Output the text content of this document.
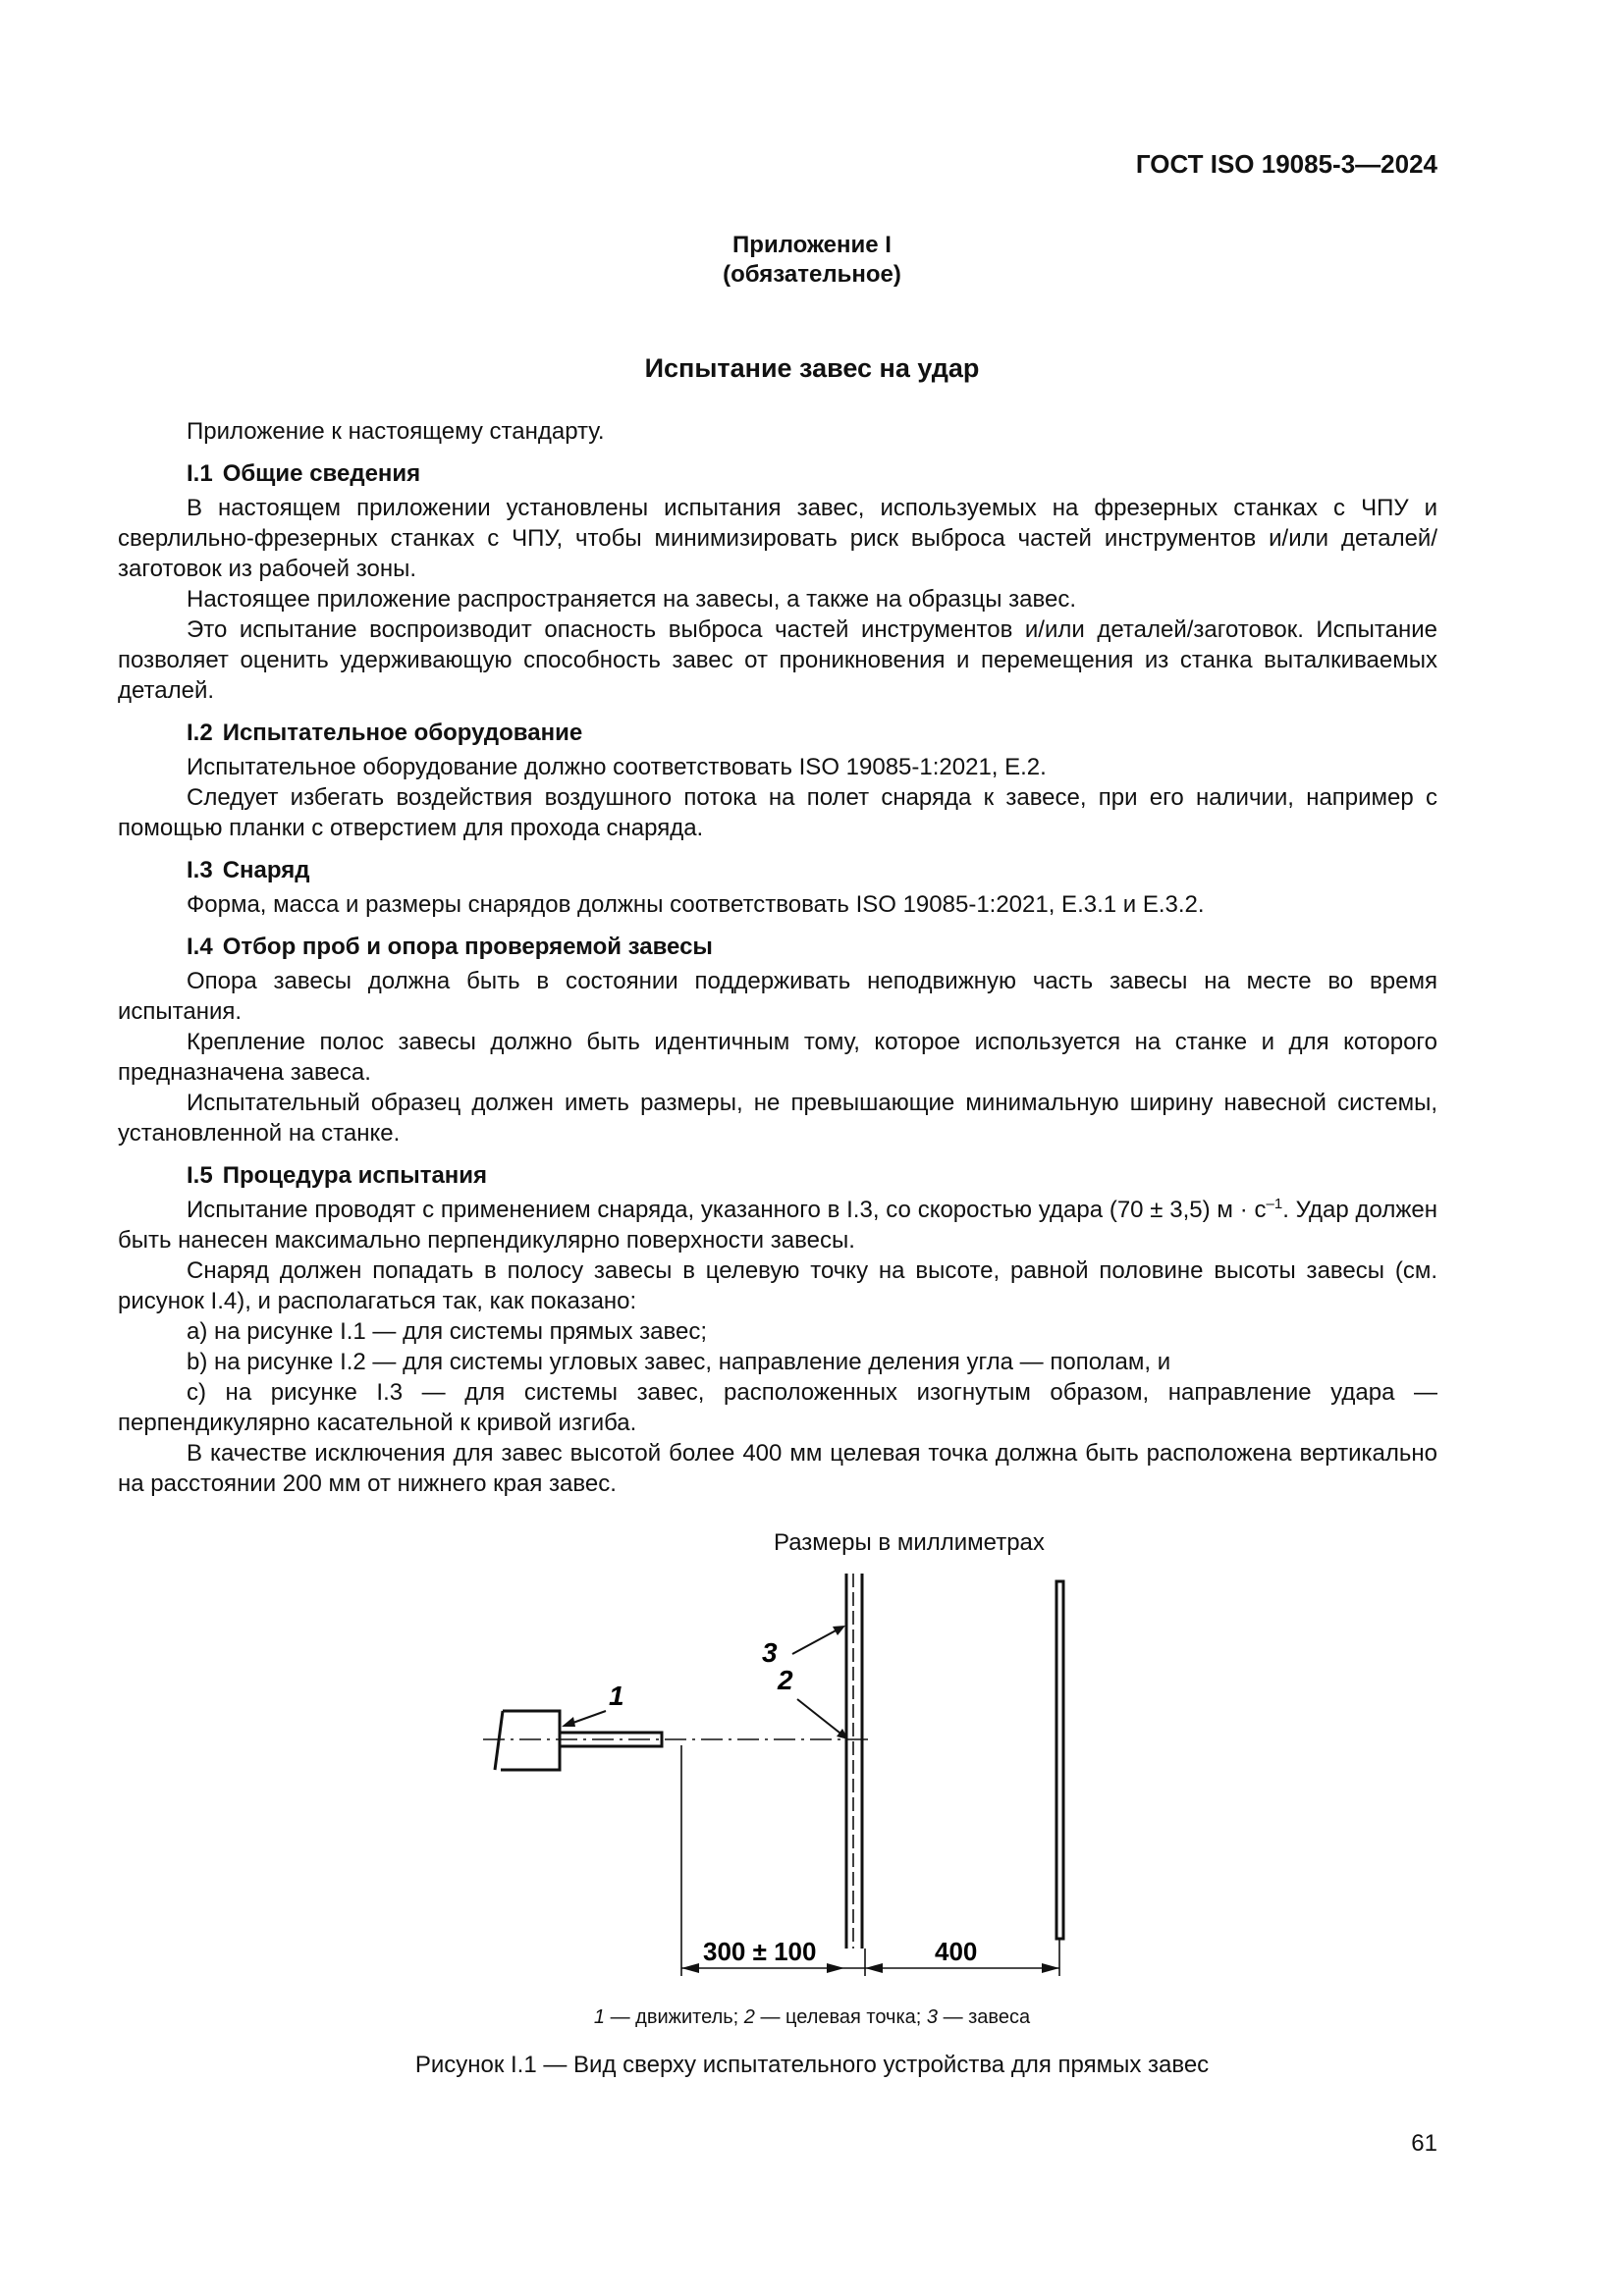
ГОСТ ISO 19085-3—2024
Приложение I
(обязательное)
Испытание завес на удар

Приложение к настоящему стандарту.

I.1 Общие сведения

В настоящем приложении установлены испытания завес, используемых на фрезерных станках с ЧПУ и сверлильно-фрезерных станках с ЧПУ, чтобы минимизировать риск выброса частей инструментов и/или деталей/заготовок из рабочей зоны.

Настоящее приложение распространяется на завесы, а также на образцы завес.

Это испытание воспроизводит опасность выброса частей инструментов и/или деталей/заготовок. Испытание позволяет оценить удерживающую способность завес от проникновения и перемещения из станка выталкиваемых деталей.

I.2 Испытательное оборудование

Испытательное оборудование должно соответствовать ISO 19085-1:2021, E.2.

Следует избегать воздействия воздушного потока на полет снаряда к завесе, при его наличии, например с помощью планки с отверстием для прохода снаряда.

I.3 Снаряд

Форма, масса и размеры снарядов должны соответствовать ISO 19085-1:2021, E.3.1 и E.3.2.

I.4 Отбор проб и опора проверяемой завесы

Опора завесы должна быть в состоянии поддерживать неподвижную часть завесы на месте во время испытания.

Крепление полос завесы должно быть идентичным тому, которое используется на станке и для которого предназначена завеса.

Испытательный образец должен иметь размеры, не превышающие минимальную ширину навесной системы, установленной на станке.

I.5 Процедура испытания

Испытание проводят с применением снаряда, указанного в I.3, со скоростью удара (70 ± 3,5) $м \cdot с^{-1}$. Удар должен быть нанесен максимально перпендикулярно поверхности завесы.

Снаряд должен попадать в полосу завесы в целевую точку на высоте, равной половине высоты завесы (см. рисунок I.4), и располагаться так, как показано:

a) на рисунке I.1 — для системы прямых завес;

b) на рисунке I.2 — для системы угловых завес, направление деления угла — пополам, и

c) на рисунке I.3 — для системы завес, расположенных изогнутым образом, направление удара — перпендикулярно касательной к кривой изгиба.

В качестве исключения для завес высотой более 400 мм целевая точка должна быть расположена вертикально на расстоянии 200 мм от нижнего края завес.

Размеры в миллиметрах
1
2
3
300 ± 100	400
1 — движитель; 2 — целевая точка; 3 — завеса
Рисунок I.1 — Вид сверху испытательного устройства для прямых завес
61
